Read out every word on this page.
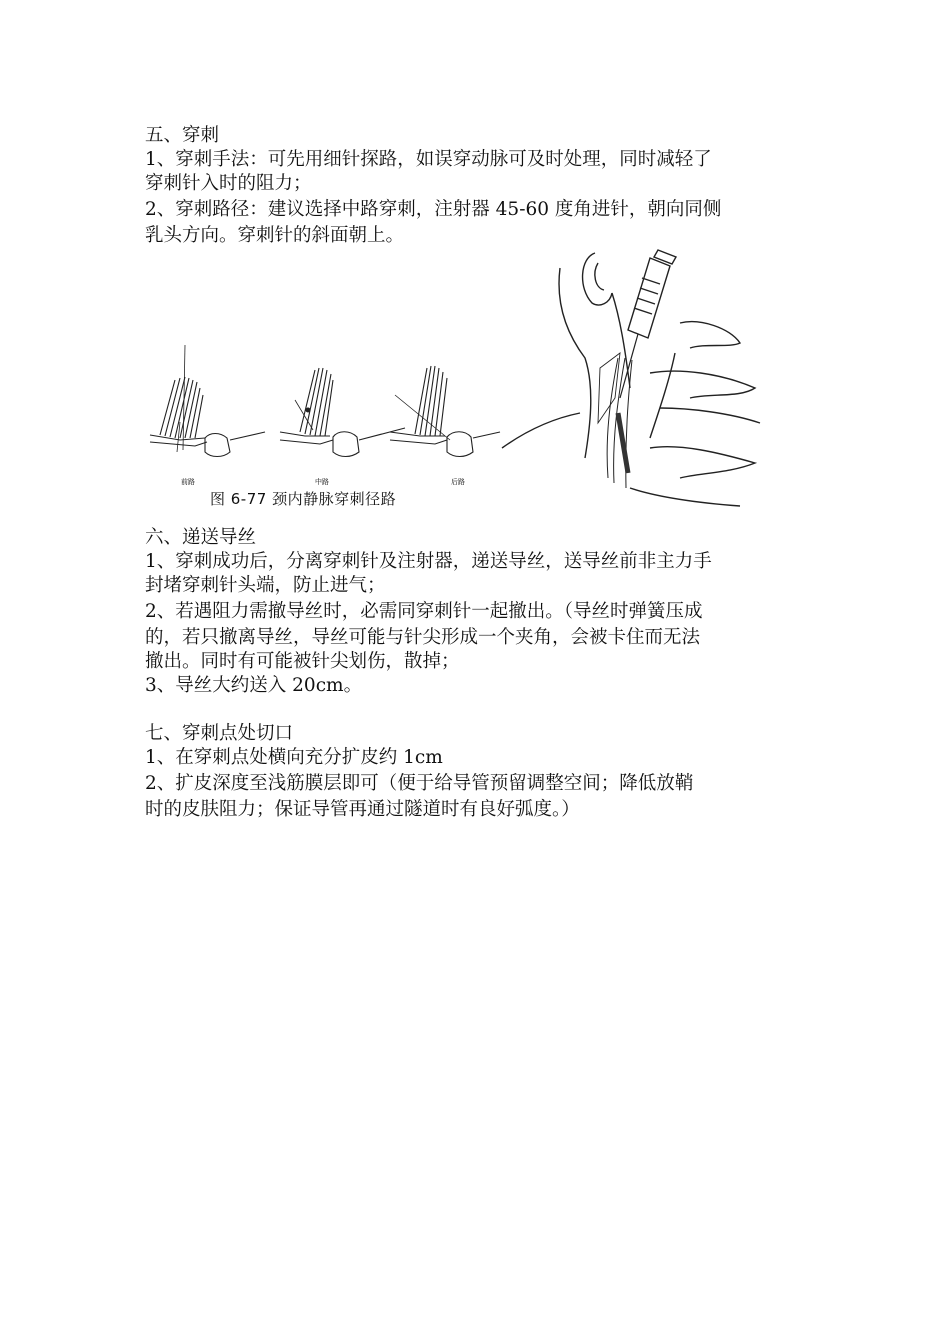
五、穿刺
1、穿刺手法：可先用细针探路，如误穿动脉可及时处理，同时减轻了
穿刺针入时的阻力；
2、穿刺路径：建议选择中路穿刺，注射器 45-60 度角进针，朝向同侧
乳头方向。穿刺针的斜面朝上。
前路	中路	后路
图 6-77 颈内静脉穿刺径路
六、递送导丝
1、穿刺成功后，分离穿刺针及注射器，递送导丝，送导丝前非主力手
封堵穿刺针头端，防止进气；
2、若遇阻力需撤导丝时，必需同穿刺针一起撤出。（导丝时弹簧压成
的，若只撤离导丝，导丝可能与针尖形成一个夹角，会被卡住而无法
撤出。同时有可能被针尖划伤，散掉；
3、导丝大约送入 20cm。
七、穿刺点处切口
1、在穿刺点处横向充分扩皮约 1cm
2、扩皮深度至浅筋膜层即可（便于给导管预留调整空间；降低放鞘
时的皮肤阻力；保证导管再通过隧道时有良好弧度。）
